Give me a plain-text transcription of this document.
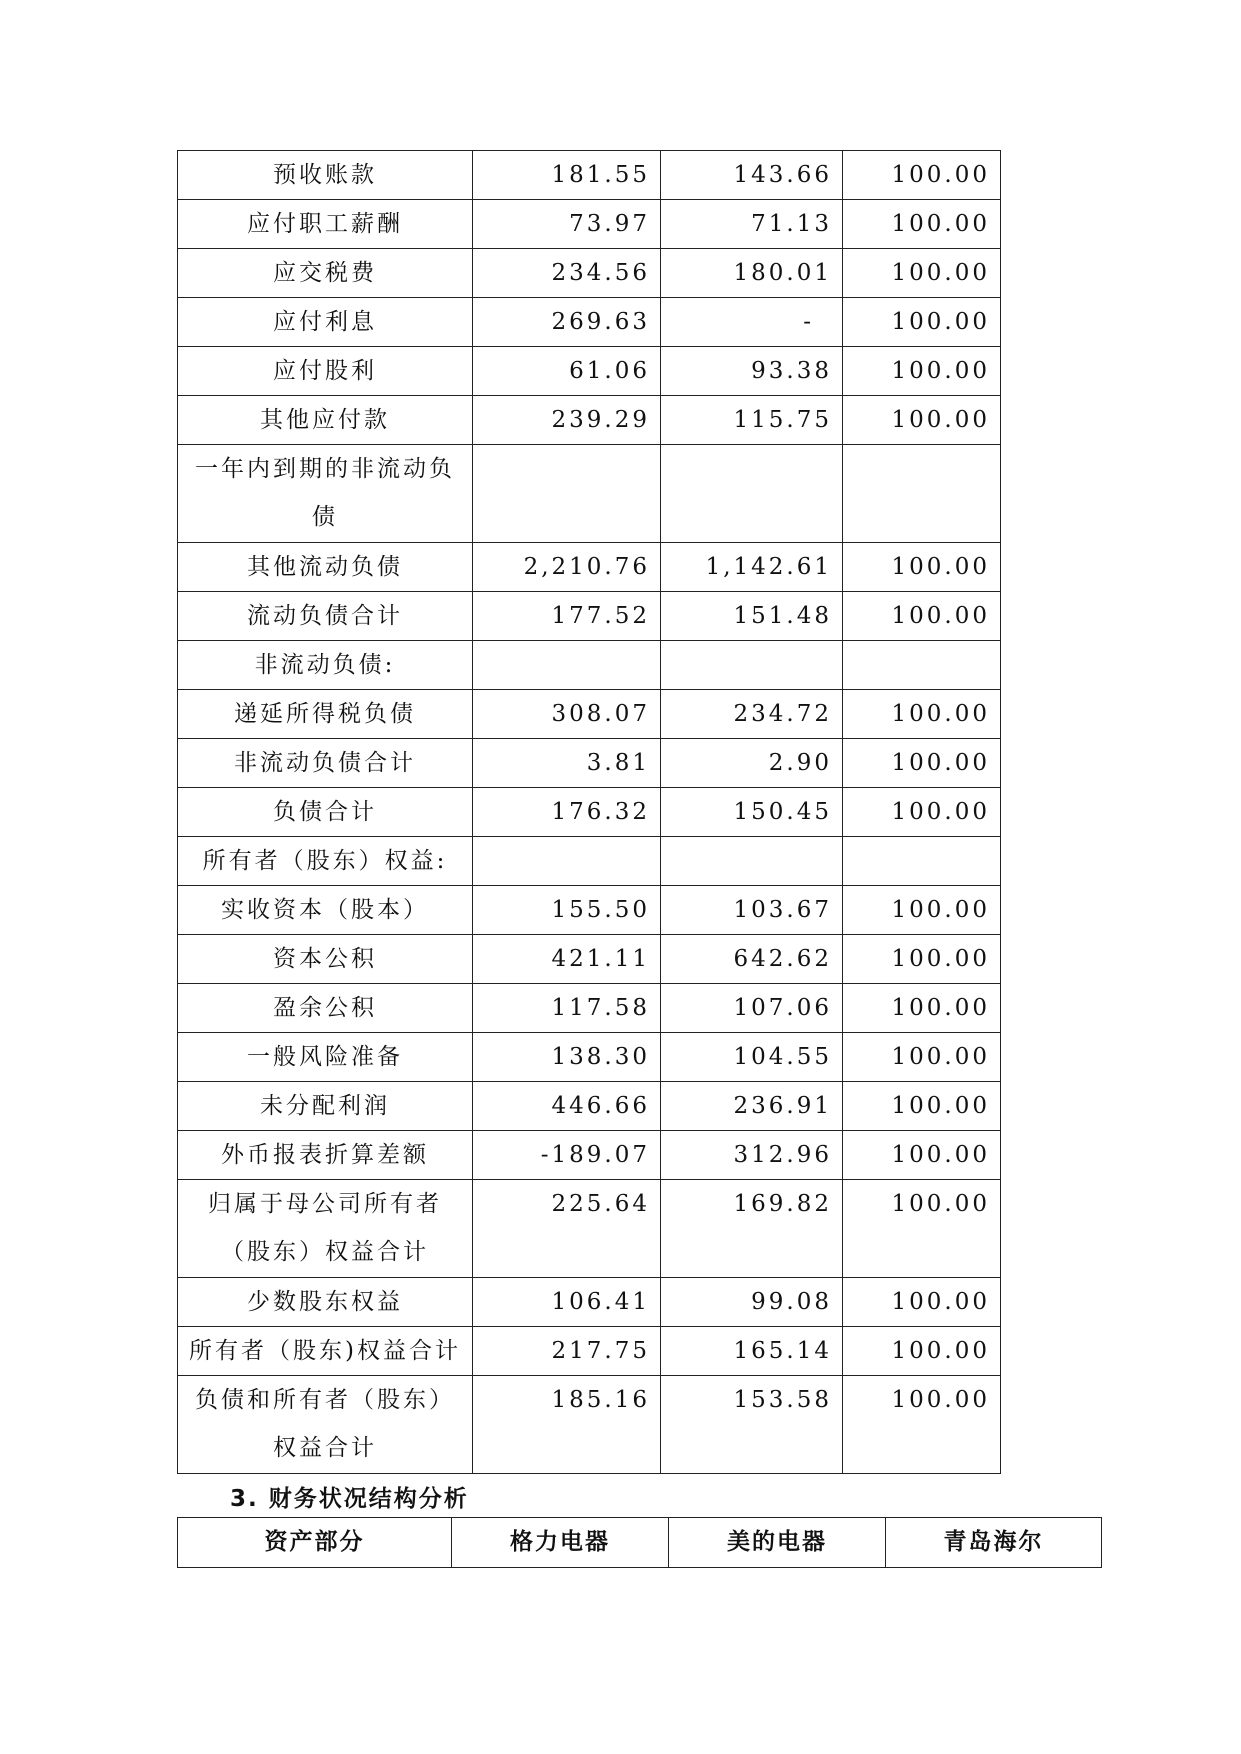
预收账款	181.55	143.66	100.00
应付职工薪酬	73.97	71.13	100.00
应交税费	234.56	180.01	100.00
应付利息	269.63	-	100.00
应付股利	61.06	93.38	100.00
其他应付款	239.29	115.75	100.00
一年内到期的非流动负债			
其他流动负债	2,210.76	1,142.61	100.00
流动负债合计	177.52	151.48	100.00
非流动负债:			
递延所得税负债	308.07	234.72	100.00
非流动负债合计	3.81	2.90	100.00
负债合计	176.32	150.45	100.00
所有者（股东）权益:			
实收资本（股本）	155.50	103.67	100.00
资本公积	421.11	642.62	100.00
盈余公积	117.58	107.06	100.00
一般风险准备	138.30	104.55	100.00
未分配利润	446.66	236.91	100.00
外币报表折算差额	-189.07	312.96	100.00
归属于母公司所有者（股东）权益合计	225.64	169.82	100.00
少数股东权益	106.41	99.08	100.00
所有者（股东)权益合计	217.75	165.14	100.00
负债和所有者（股东）权益合计	185.16	153.58	100.00
3. 财务状况结构分析
资产部分	格力电器	美的电器	青岛海尔
